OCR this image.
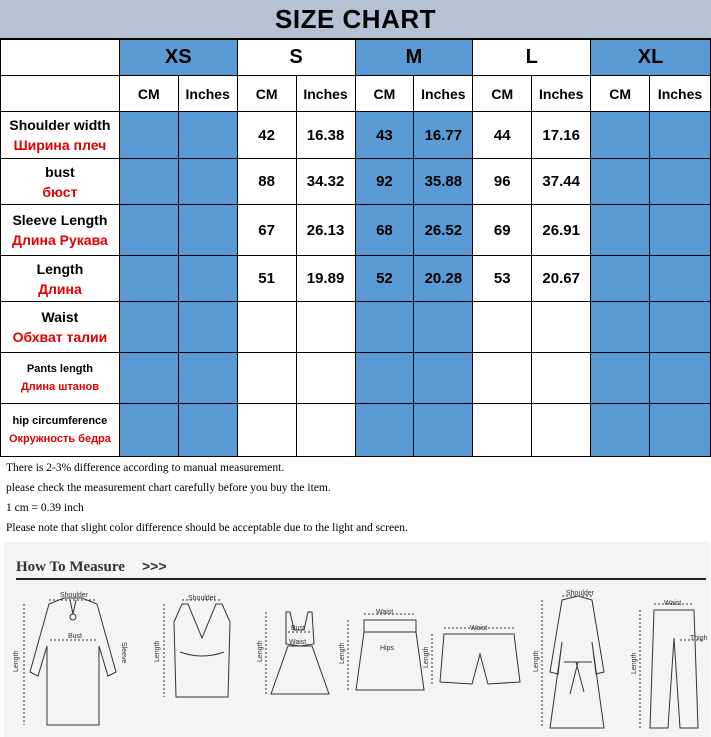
SIZE CHART
	XS		S		M		L		XL	
	CM	Inches	CM	Inches	CM	Inches	CM	Inches	CM	Inches

Shoulder width
Ширина плеч			42	16.38	43	16.77	44	17.16		

bust
бюст			88	34.32	92	35.88	96	37.44		

Sleeve Length
Длина Рукава			67	26.13	68	26.52	69	26.91		

Length
Длина			51	19.89	52	20.28	53	20.67		

Waist
Обхват талии										

Pants length
Длина штанов										

hip circumference
Окружность бедра										

There is 2-3% difference according to manual measurement.
please check the measurement chart carefully before you buy the item.
1 cm = 0.39 inch
Please note that slight color difference should be acceptable due to the light and screen.
How To Measure >>>
Shoulder
Bust
Length	Sleeve
Shoulder
Length
Bust
Waist
Length
Waist
Hips
Length
Waist
Length
Shoulder
Length
Waist
Thigh
Length
